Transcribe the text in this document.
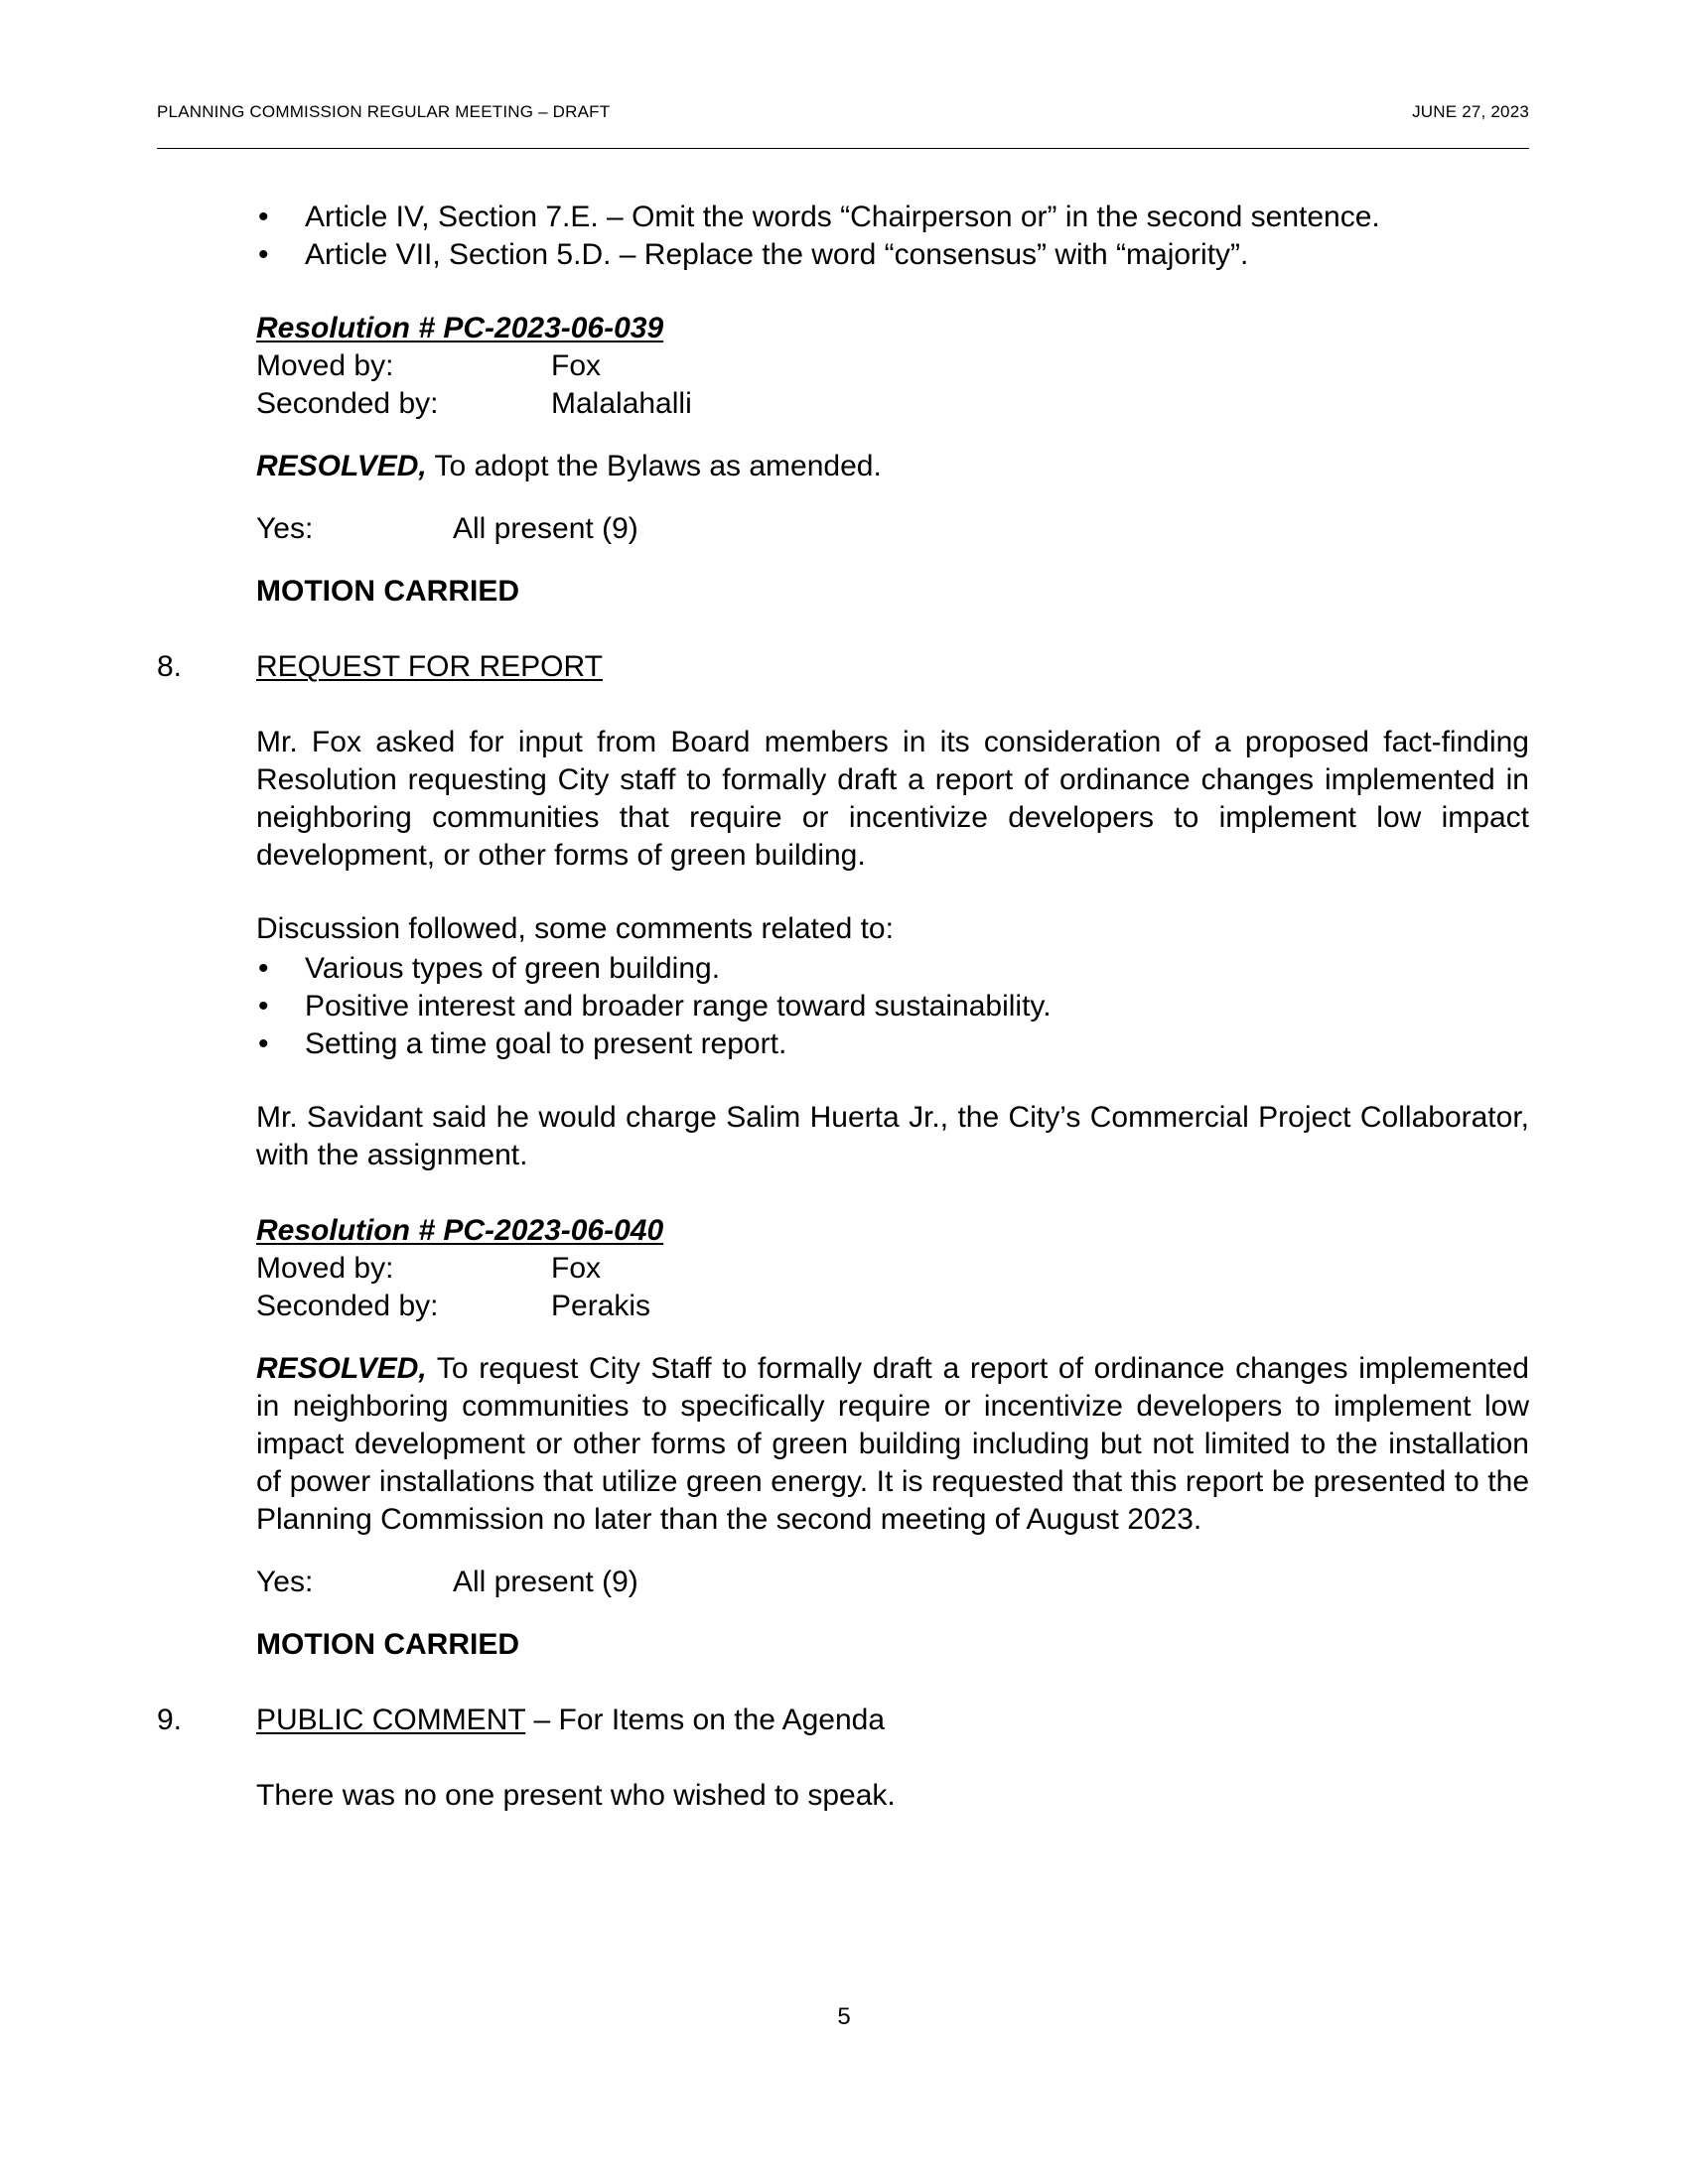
PLANNING COMMISSION REGULAR MEETING – DRAFT	JUNE 27, 2023
• Article IV, Section 7.E. – Omit the words “Chairperson or” in the second sentence.
• Article VII, Section 5.D. – Replace the word “consensus” with “majority”.
Resolution # PC-2023-06-039
Moved by:	Fox
Seconded by:	Malalahalli
RESOLVED, To adopt the Bylaws as amended.
Yes:	All present (9)
MOTION CARRIED
8. REQUEST FOR REPORT
Mr. Fox asked for input from Board members in its consideration of a proposed fact-finding Resolution requesting City staff to formally draft a report of ordinance changes implemented in neighboring communities that require or incentivize developers to implement low impact development, or other forms of green building.
Discussion followed, some comments related to:
• Various types of green building.
• Positive interest and broader range toward sustainability.
• Setting a time goal to present report.
Mr. Savidant said he would charge Salim Huerta Jr., the City’s Commercial Project Collaborator, with the assignment.
Resolution # PC-2023-06-040
Moved by:	Fox
Seconded by:	Perakis
RESOLVED, To request City Staff to formally draft a report of ordinance changes implemented in neighboring communities to specifically require or incentivize developers to implement low impact development or other forms of green building including but not limited to the installation of power installations that utilize green energy. It is requested that this report be presented to the Planning Commission no later than the second meeting of August 2023.
Yes:	All present (9)
MOTION CARRIED
9. PUBLIC COMMENT – For Items on the Agenda
There was no one present who wished to speak.
5
